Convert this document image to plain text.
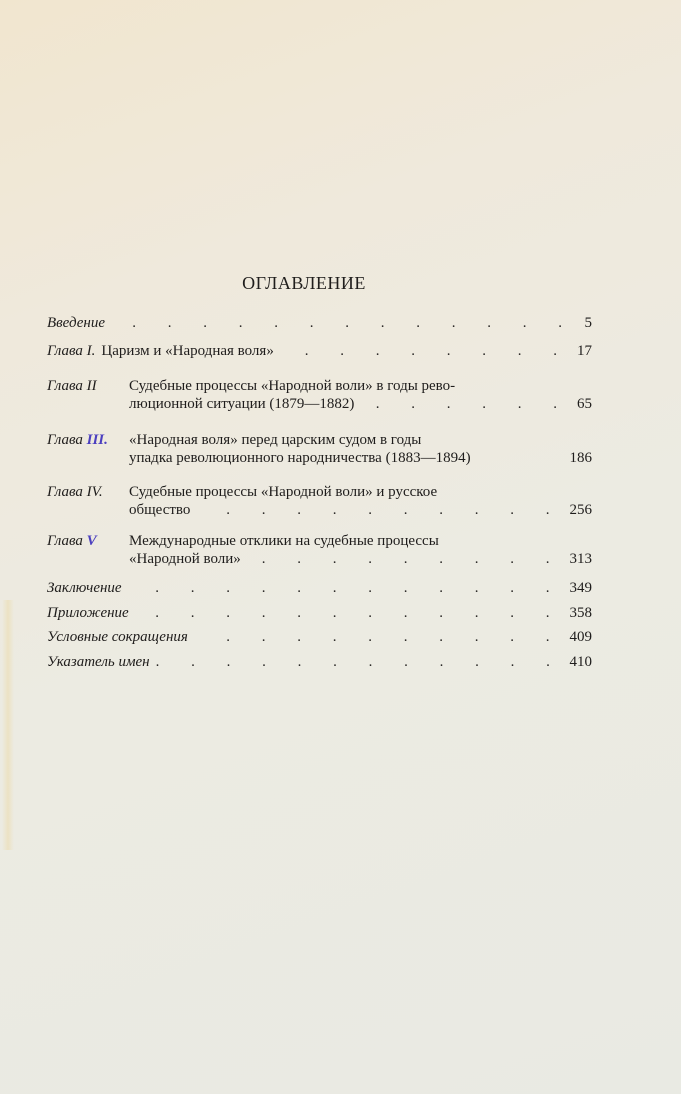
ОГЛАВЛЕНИЕ
Введение . . . . . . . . . . . . . 5
Глава I. Царизм и «Народная воля» . . . . . . . . 17
Глава II	Судебные процессы «Народной воли» в годы рево-
люционной ситуации (1879—1882) . . . . . . 65
Глава III.	«Народная воля» перед царским судом в годы
упадка революционного народничества (1883—1894)	186
Глава IV.	Судебные процессы «Народной воли» и русское
общество . . . . . . . . . . 256
Глава V	Международные отклики на судебные процессы
«Народной воли» . . . . . . . . . 313
Заключение . . . . . . . . . . . . 349
Приложение . . . . . . . . . . . . 358
Условные сокращения	. . . . . . . . . . 409
Указатель имен . . . . . . . . . . . . 410
